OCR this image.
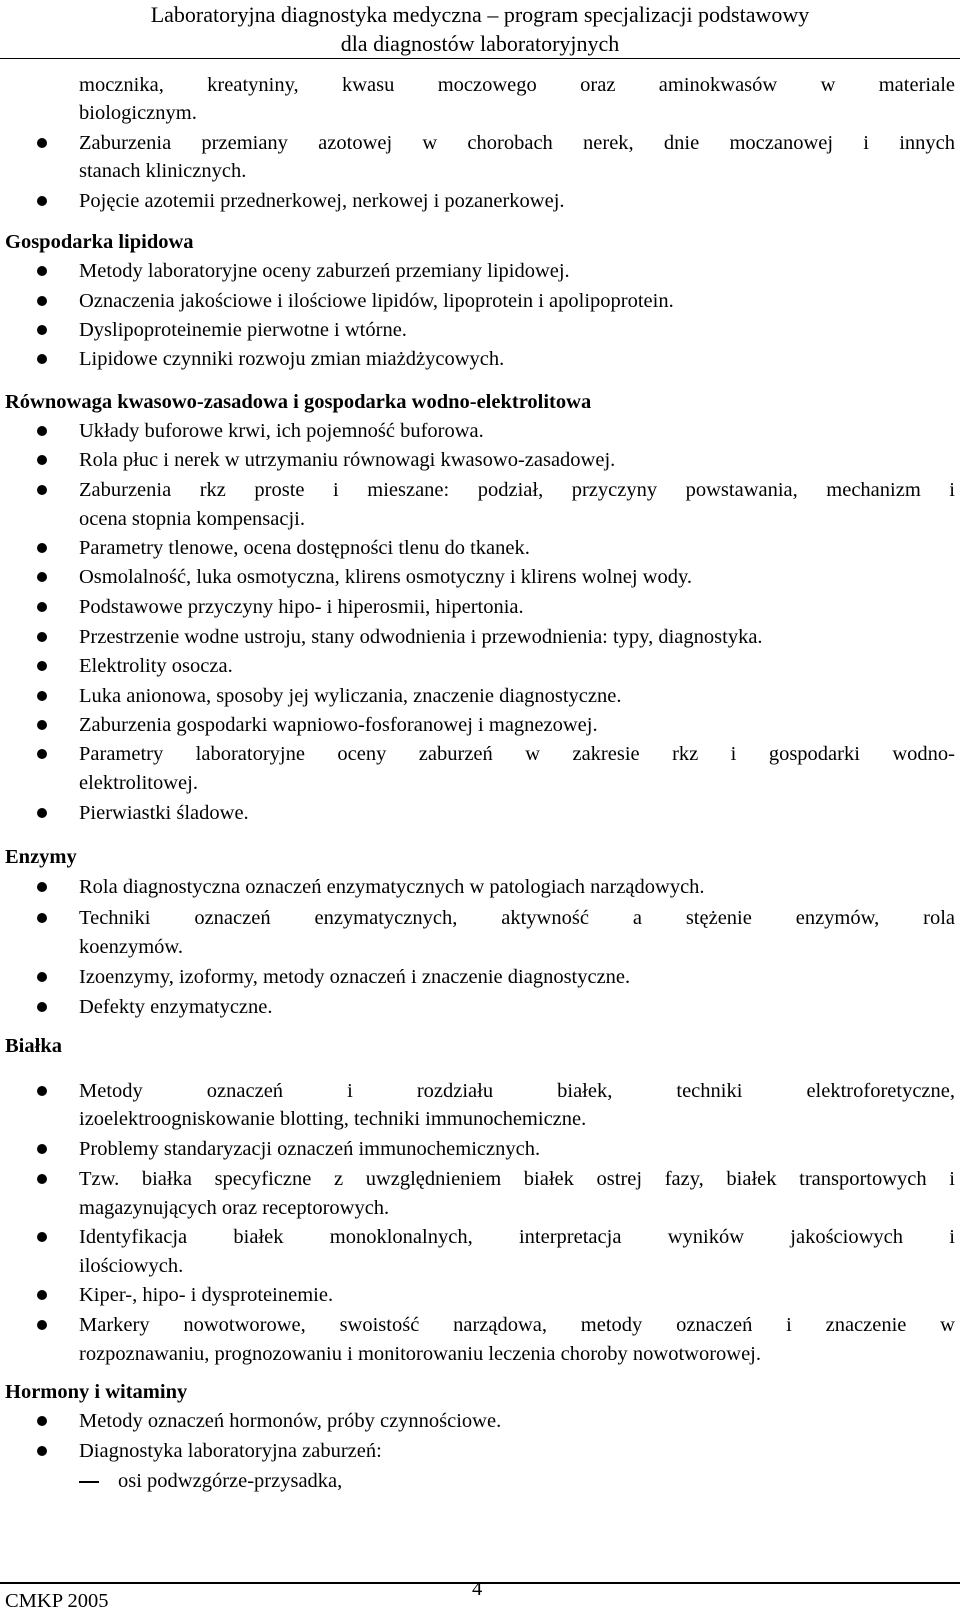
Laboratoryjna diagnostyka medyczna – program specjalizacji podstawowy
dla diagnostów laboratoryjnych
mocznika, kreatyniny, kwasu moczowego oraz aminokwasów w materiale
biologicznym.
Zaburzenia przemiany azotowej w chorobach nerek, dnie moczanowej i innych
stanach klinicznych.
Pojęcie azotemii przednerkowej, nerkowej i pozanerkowej.
Gospodarka lipidowa
Metody laboratoryjne oceny zaburzeń przemiany lipidowej.
Oznaczenia jakościowe i ilościowe lipidów, lipoprotein i apolipoprotein.
Dyslipoproteinemie pierwotne i wtórne.
Lipidowe czynniki rozwoju zmian miażdżycowych.
Równowaga kwasowo-zasadowa i gospodarka wodno-elektrolitowa
Układy buforowe krwi, ich pojemność buforowa.
Rola płuc i nerek w utrzymaniu równowagi kwasowo-zasadowej.
Zaburzenia rkz proste i mieszane: podział, przyczyny powstawania, mechanizm i
ocena stopnia kompensacji.
Parametry tlenowe, ocena dostępności tlenu do tkanek.
Osmolalność, luka osmotyczna, klirens osmotyczny i klirens wolnej wody.
Podstawowe przyczyny hipo- i hiperosmii, hipertonia.
Przestrzenie wodne ustroju, stany odwodnienia i przewodnienia: typy, diagnostyka.
Elektrolity osocza.
Luka anionowa, sposoby jej wyliczania, znaczenie diagnostyczne.
Zaburzenia gospodarki wapniowo-fosforanowej i magnezowej.
Parametry laboratoryjne oceny zaburzeń w zakresie rkz i gospodarki wodno-
elektrolitowej.
Pierwiastki śladowe.
Enzymy
Rola diagnostyczna oznaczeń enzymatycznych w patologiach narządowych.
Techniki oznaczeń enzymatycznych, aktywność a stężenie enzymów, rola
koenzymów.
Izoenzymy, izoformy, metody oznaczeń i znaczenie diagnostyczne.
Defekty enzymatyczne.
Białka
Metody oznaczeń i rozdziału białek, techniki elektroforetyczne,
izoelektroogniskowanie blotting, techniki immunochemiczne.
Problemy standaryzacji oznaczeń immunochemicznych.
Tzw. białka specyficzne z uwzględnieniem białek ostrej fazy, białek transportowych i
magazynujących oraz receptorowych.
Identyfikacja białek monoklonalnych, interpretacja wyników jakościowych i
ilościowych.
Kiper-, hipo- i dysproteinemie.
Markery nowotworowe, swoistość narządowa, metody oznaczeń i znaczenie w
rozpoznawaniu, prognozowaniu i monitorowaniu leczenia choroby nowotworowej.
Hormony i witaminy
Metody oznaczeń hormonów, próby czynnościowe.
Diagnostyka laboratoryjna zaburzeń:
osi podwzgórze-przysadka,
CMKP 2005
4
